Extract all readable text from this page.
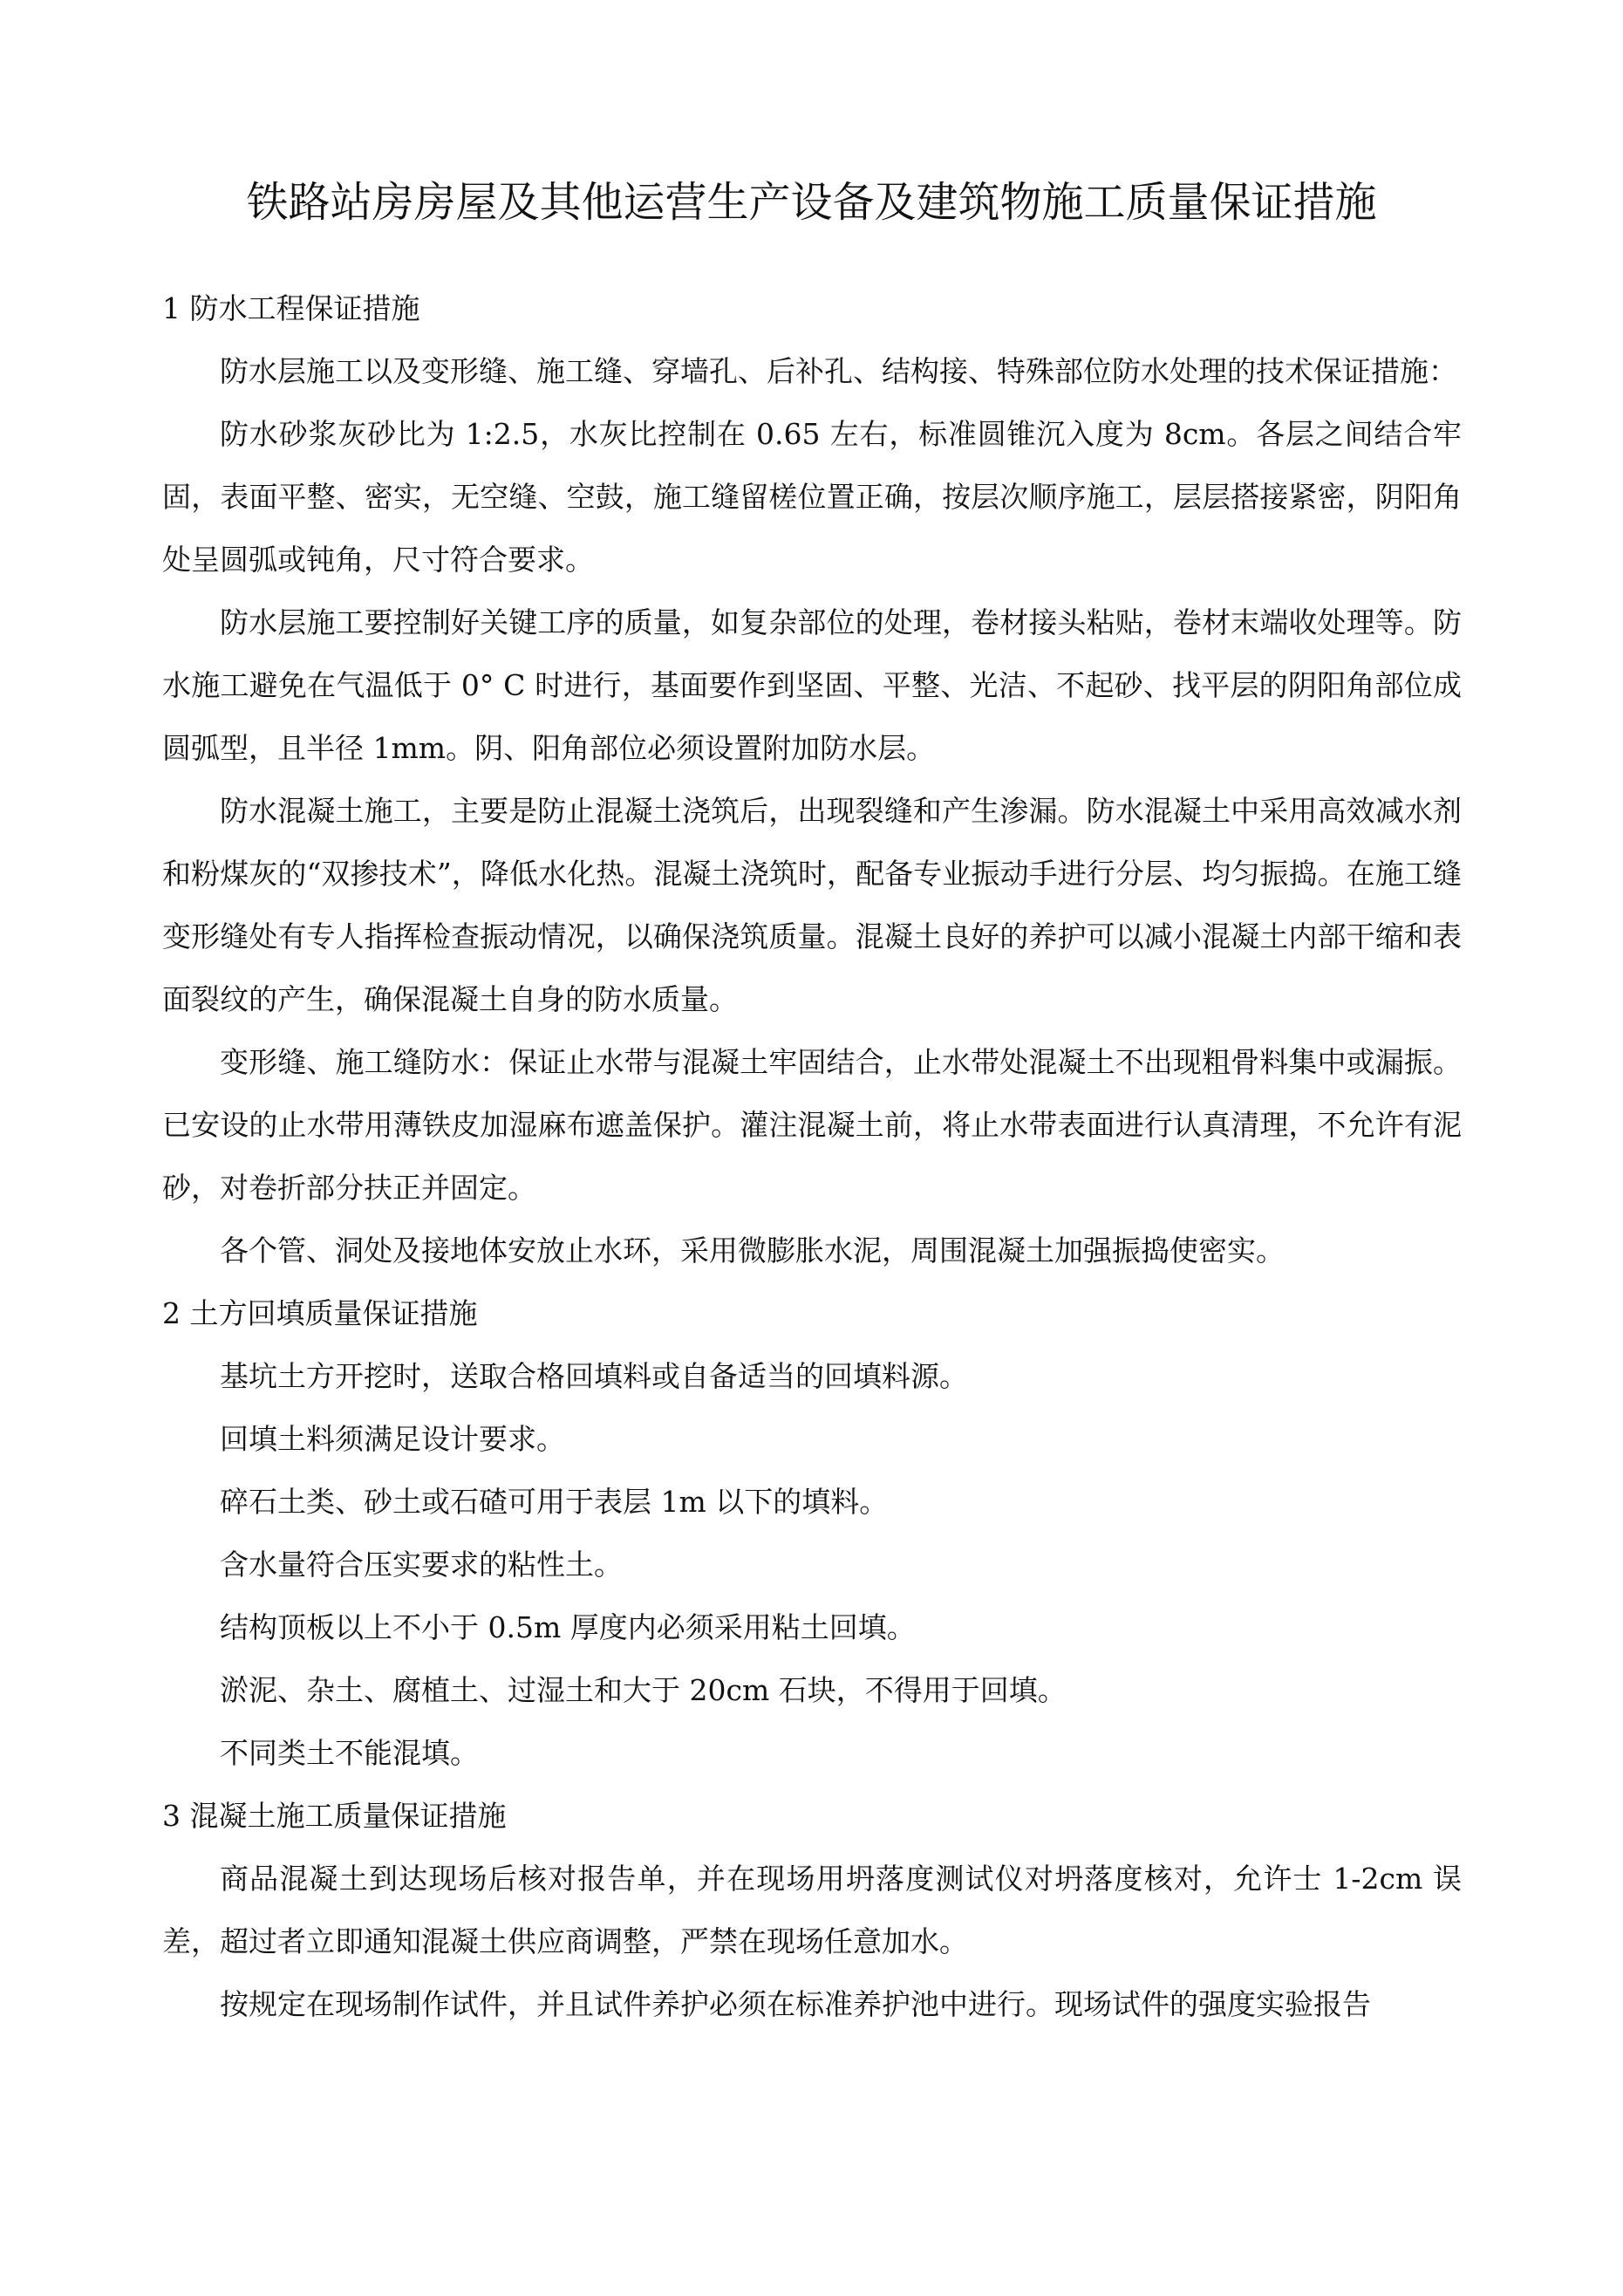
铁路站房房屋及其他运营生产设备及建筑物施工质量保证措施

1 防水工程保证措施

防水层施工以及变形缝、施工缝、穿墙孔、后补孔、结构接、特殊部位防水处理的技术保证措施：

防水砂浆灰砂比为 1:2.5，水灰比控制在 0.65 左右，标准圆锥沉入度为 8cm。各层之间结合牢固，表面平整、密实，无空缝、空鼓，施工缝留槎位置正确，按层次顺序施工，层层搭接紧密，阴阳角处呈圆弧或钝角，尺寸符合要求。

防水层施工要控制好关键工序的质量，如复杂部位的处理，卷材接头粘贴，卷材末端收处理等。防水施工避免在气温低于 0° C 时进行，基面要作到坚固、平整、光洁、不起砂、找平层的阴阳角部位成圆弧型，且半径 1mm。阴、阳角部位必须设置附加防水层。

防水混凝土施工，主要是防止混凝土浇筑后，出现裂缝和产生渗漏。防水混凝土中采用高效减水剂和粉煤灰的“双掺技术”，降低水化热。混凝土浇筑时，配备专业振动手进行分层、均匀振捣。在施工缝变形缝处有专人指挥检查振动情况，以确保浇筑质量。混凝土良好的养护可以减小混凝土内部干缩和表面裂纹的产生，确保混凝土自身的防水质量。

变形缝、施工缝防水：保证止水带与混凝土牢固结合，止水带处混凝土不出现粗骨料集中或漏振。已安设的止水带用薄铁皮加湿麻布遮盖保护。灌注混凝土前，将止水带表面进行认真清理，不允许有泥砂，对卷折部分扶正并固定。

各个管、洞处及接地体安放止水环，采用微膨胀水泥，周围混凝土加强振捣使密实。

2 土方回填质量保证措施

基坑土方开挖时，送取合格回填料或自备适当的回填料源。

回填土料须满足设计要求。

碎石土类、砂土或石碴可用于表层 1m 以下的填料。

含水量符合压实要求的粘性土。

结构顶板以上不小于 0.5m 厚度内必须采用粘土回填。

淤泥、杂土、腐植土、过湿土和大于 20cm 石块，不得用于回填。

不同类土不能混填。

3 混凝土施工质量保证措施

商品混凝土到达现场后核对报告单，并在现场用坍落度测试仪对坍落度核对，允许士 1-2cm 误差，超过者立即通知混凝土供应商调整，严禁在现场任意加水。

按规定在现场制作试件，并且试件养护必须在标准养护池中进行。现场试件的强度实验报告
